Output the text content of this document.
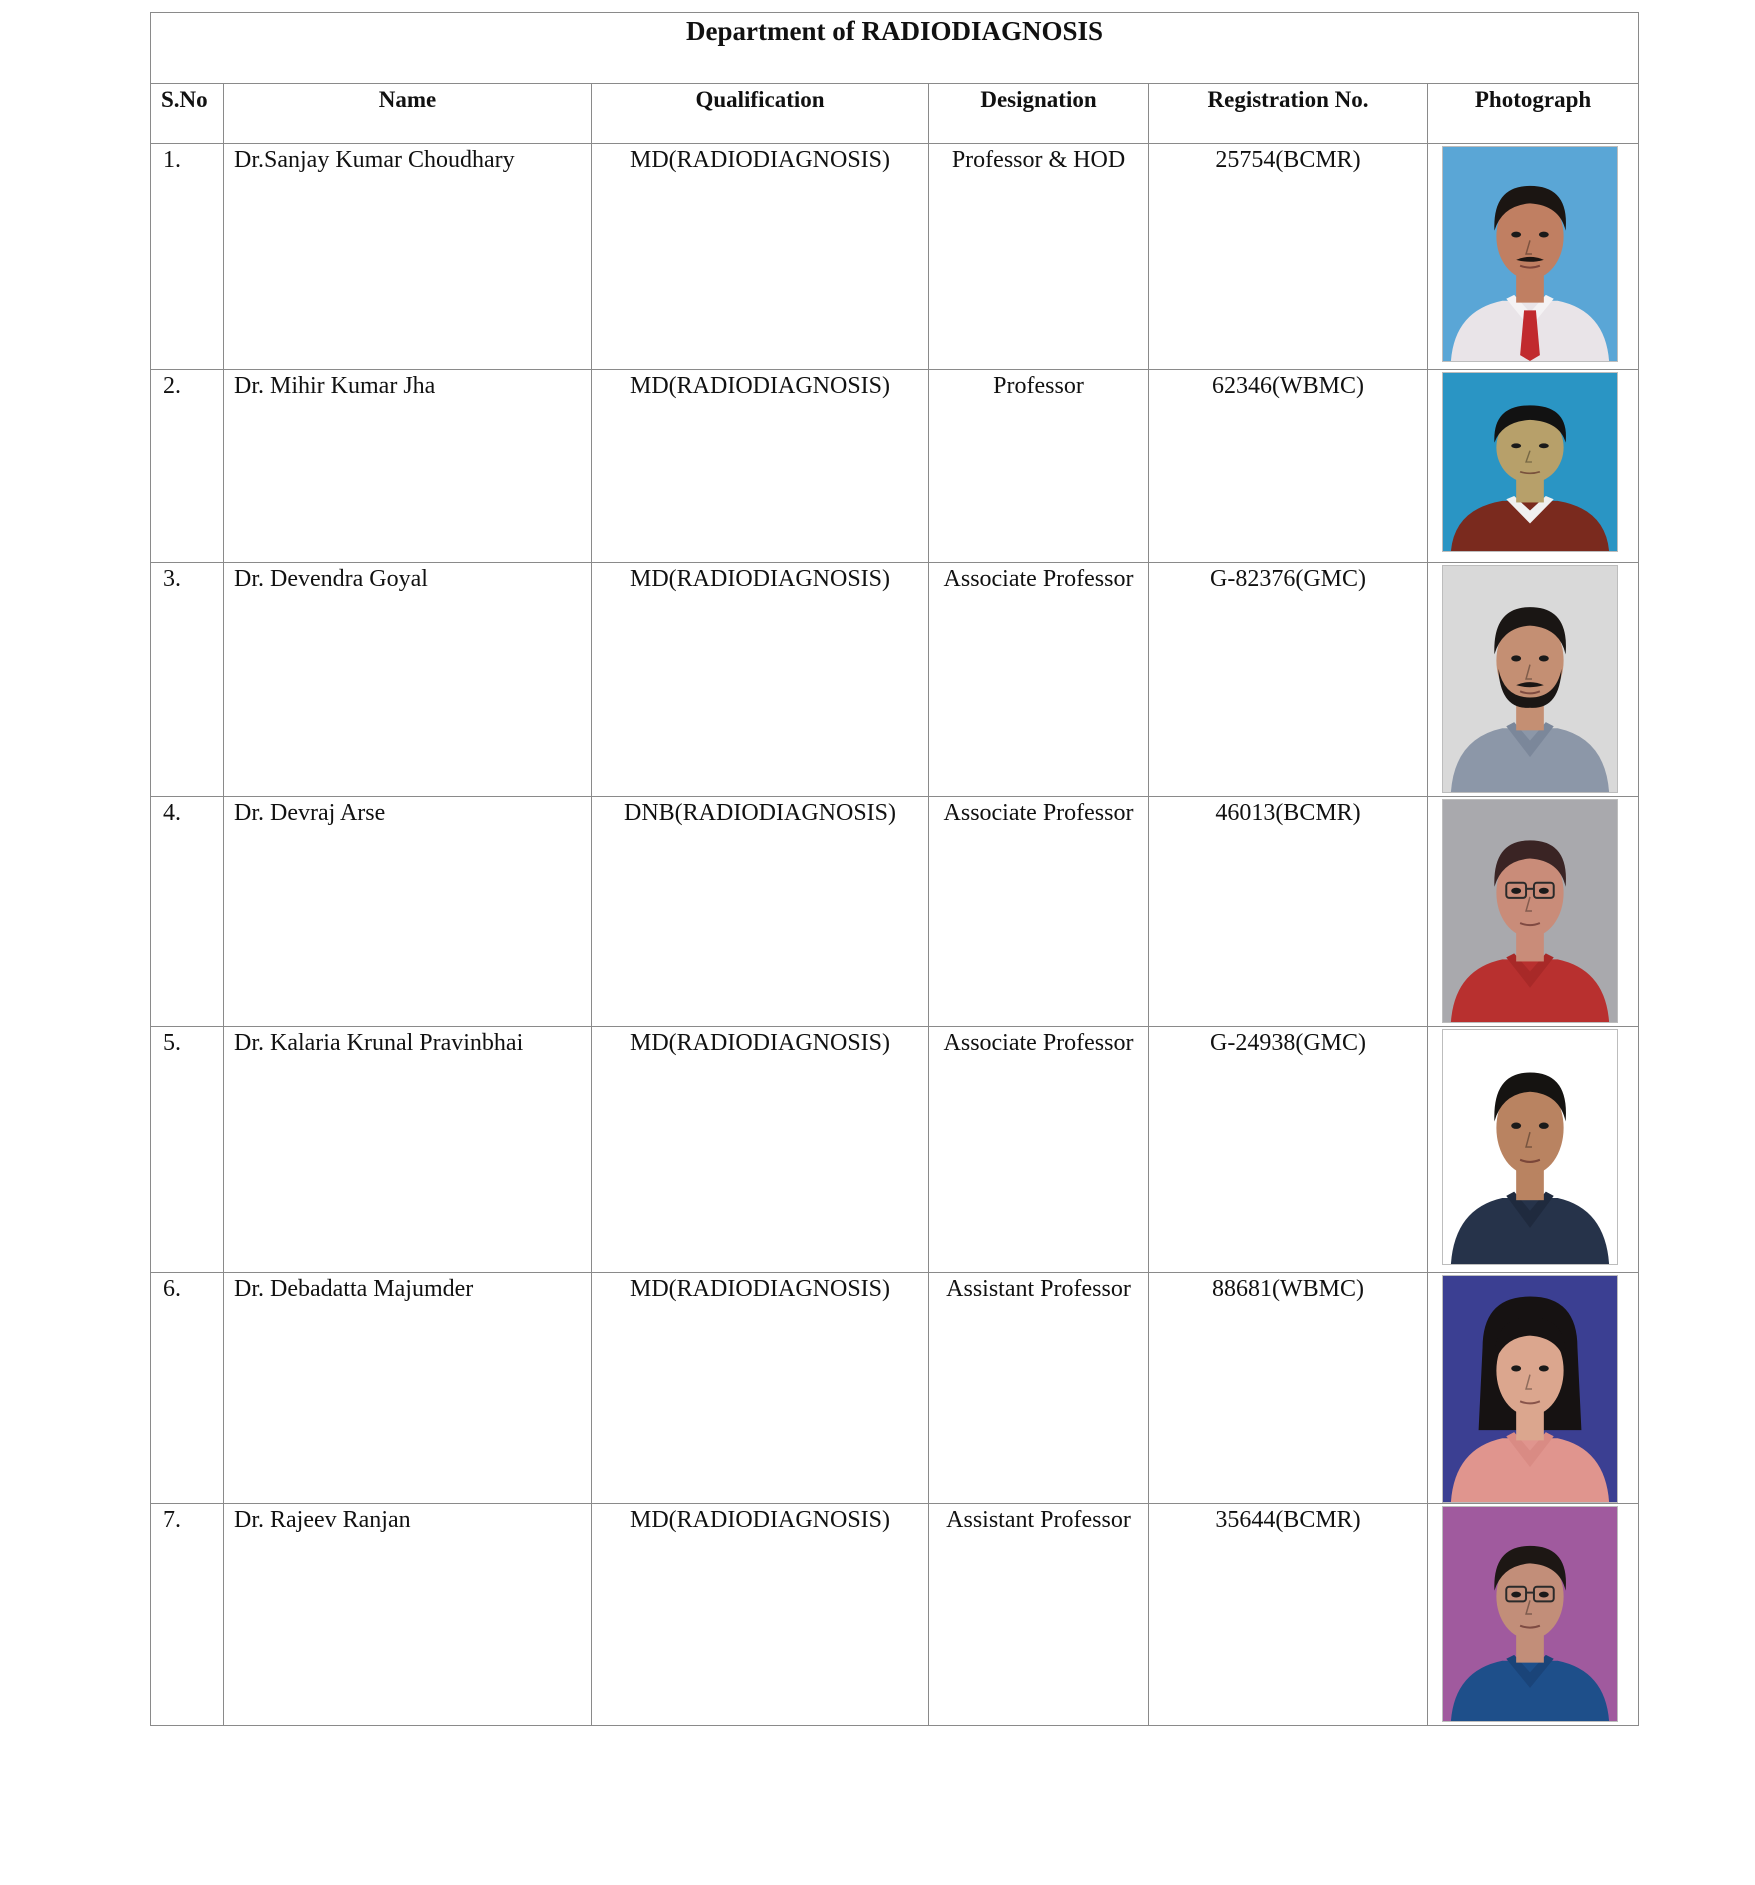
Department of RADIODIAGNOSIS					
S.No	Name	Qualification	Designation	Registration No.	Photograph
1.	Dr.Sanjay Kumar Choudhary	MD(RADIODIAGNOSIS)	Professor & HOD	25754(BCMR)	

2.	Dr. Mihir Kumar Jha	MD(RADIODIAGNOSIS)	Professor	62346(WBMC)	

3.	Dr. Devendra Goyal	MD(RADIODIAGNOSIS)	Associate Professor	G-82376(GMC)	

4.	Dr. Devraj Arse	DNB(RADIODIAGNOSIS)	Associate Professor	46013(BCMR)	

5.	Dr. Kalaria Krunal Pravinbhai	MD(RADIODIAGNOSIS)	Associate Professor	G-24938(GMC)	

6.	Dr. Debadatta Majumder	MD(RADIODIAGNOSIS)	Assistant Professor	88681(WBMC)	

7.	Dr. Rajeev Ranjan	MD(RADIODIAGNOSIS)	Assistant Professor	35644(BCMR)	
